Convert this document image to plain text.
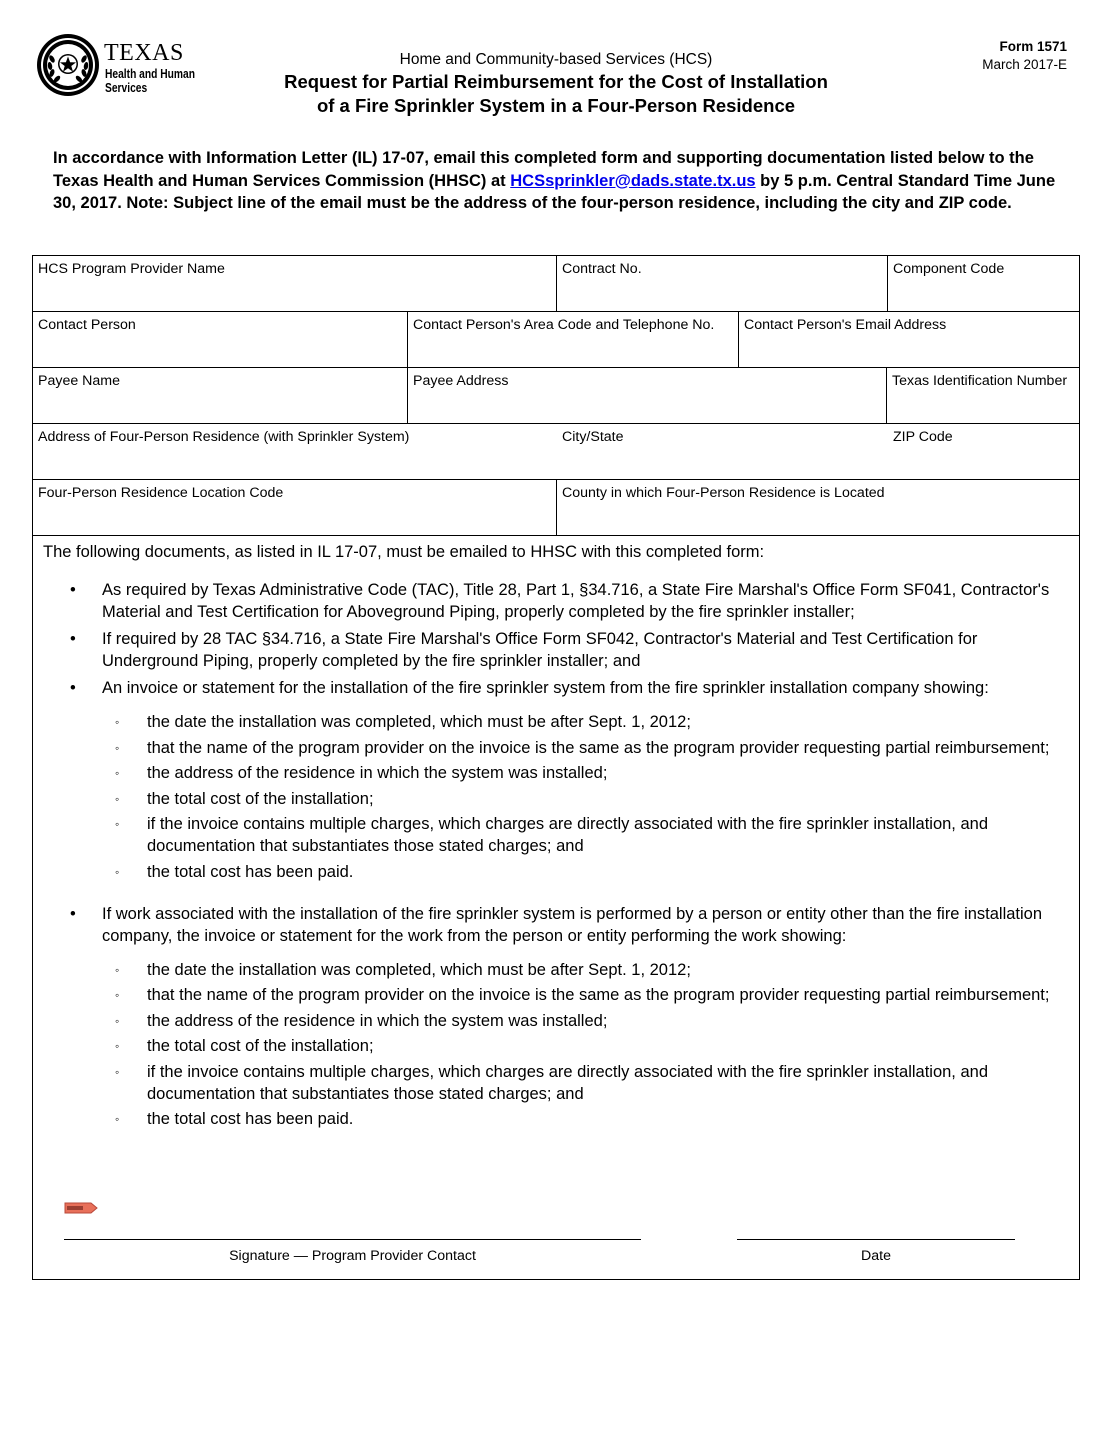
TEXAS
Health and Human
Services
Home and Community-based Services (HCS)
Request for Partial Reimbursement for the Cost of Installation
of a Fire Sprinkler System in a Four-Person Residence
Form 1571
March 2017-E
In accordance with Information Letter (IL) 17-07, email this completed form and supporting documentation listed below to the Texas Health and Human Services Commission (HHSC) at HCSsprinkler@dads.state.tx.us by 5 p.m. Central Standard Time June 30, 2017. Note: Subject line of the email must be the address of the four-person residence, including the city and ZIP code.
HCS Program Provider Name	Contract No.	Component Code
Contact Person	Contact Person's Area Code and Telephone No.	Contact Person's Email Address
Payee Name	Payee Address	Texas Identification Number
Address of Four-Person Residence (with Sprinkler System)	City/State	ZIP Code
Four-Person Residence Location Code	County in which Four-Person Residence is Located

The following documents, as listed in IL 17-07, must be emailed to HHSC with this completed form:

• As required by Texas Administrative Code (TAC), Title 28, Part 1, §34.716, a State Fire Marshal's Office Form SF041, Contractor's Material and Test Certification for Aboveground Piping, properly completed by the fire sprinkler installer;
• If required by 28 TAC §34.716, a State Fire Marshal's Office Form SF042, Contractor's Material and Test Certification for Underground Piping, properly completed by the fire sprinkler installer; and
• An invoice or statement for the installation of the fire sprinkler system from the fire sprinkler installation company showing:
◦ the date the installation was completed, which must be after Sept. 1, 2012;
◦ that the name of the program provider on the invoice is the same as the program provider requesting partial reimbursement;
◦ the address of the residence in which the system was installed;
◦ the total cost of the installation;
◦ if the invoice contains multiple charges, which charges are directly associated with the fire sprinkler installation, and documentation that substantiates those stated charges; and
◦ the total cost has been paid.
• If work associated with the installation of the fire sprinkler system is performed by a person or entity other than the fire installation company, the invoice or statement for the work from the person or entity performing the work showing:
◦ the date the installation was completed, which must be after Sept. 1, 2012;
◦ that the name of the program provider on the invoice is the same as the program provider requesting partial reimbursement;
◦ the address of the residence in which the system was installed;
◦ the total cost of the installation;
◦ if the invoice contains multiple charges, which charges are directly associated with the fire sprinkler installation, and documentation that substantiates those stated charges; and
◦ the total cost has been paid.
Signature — Program Provider Contact	Date
